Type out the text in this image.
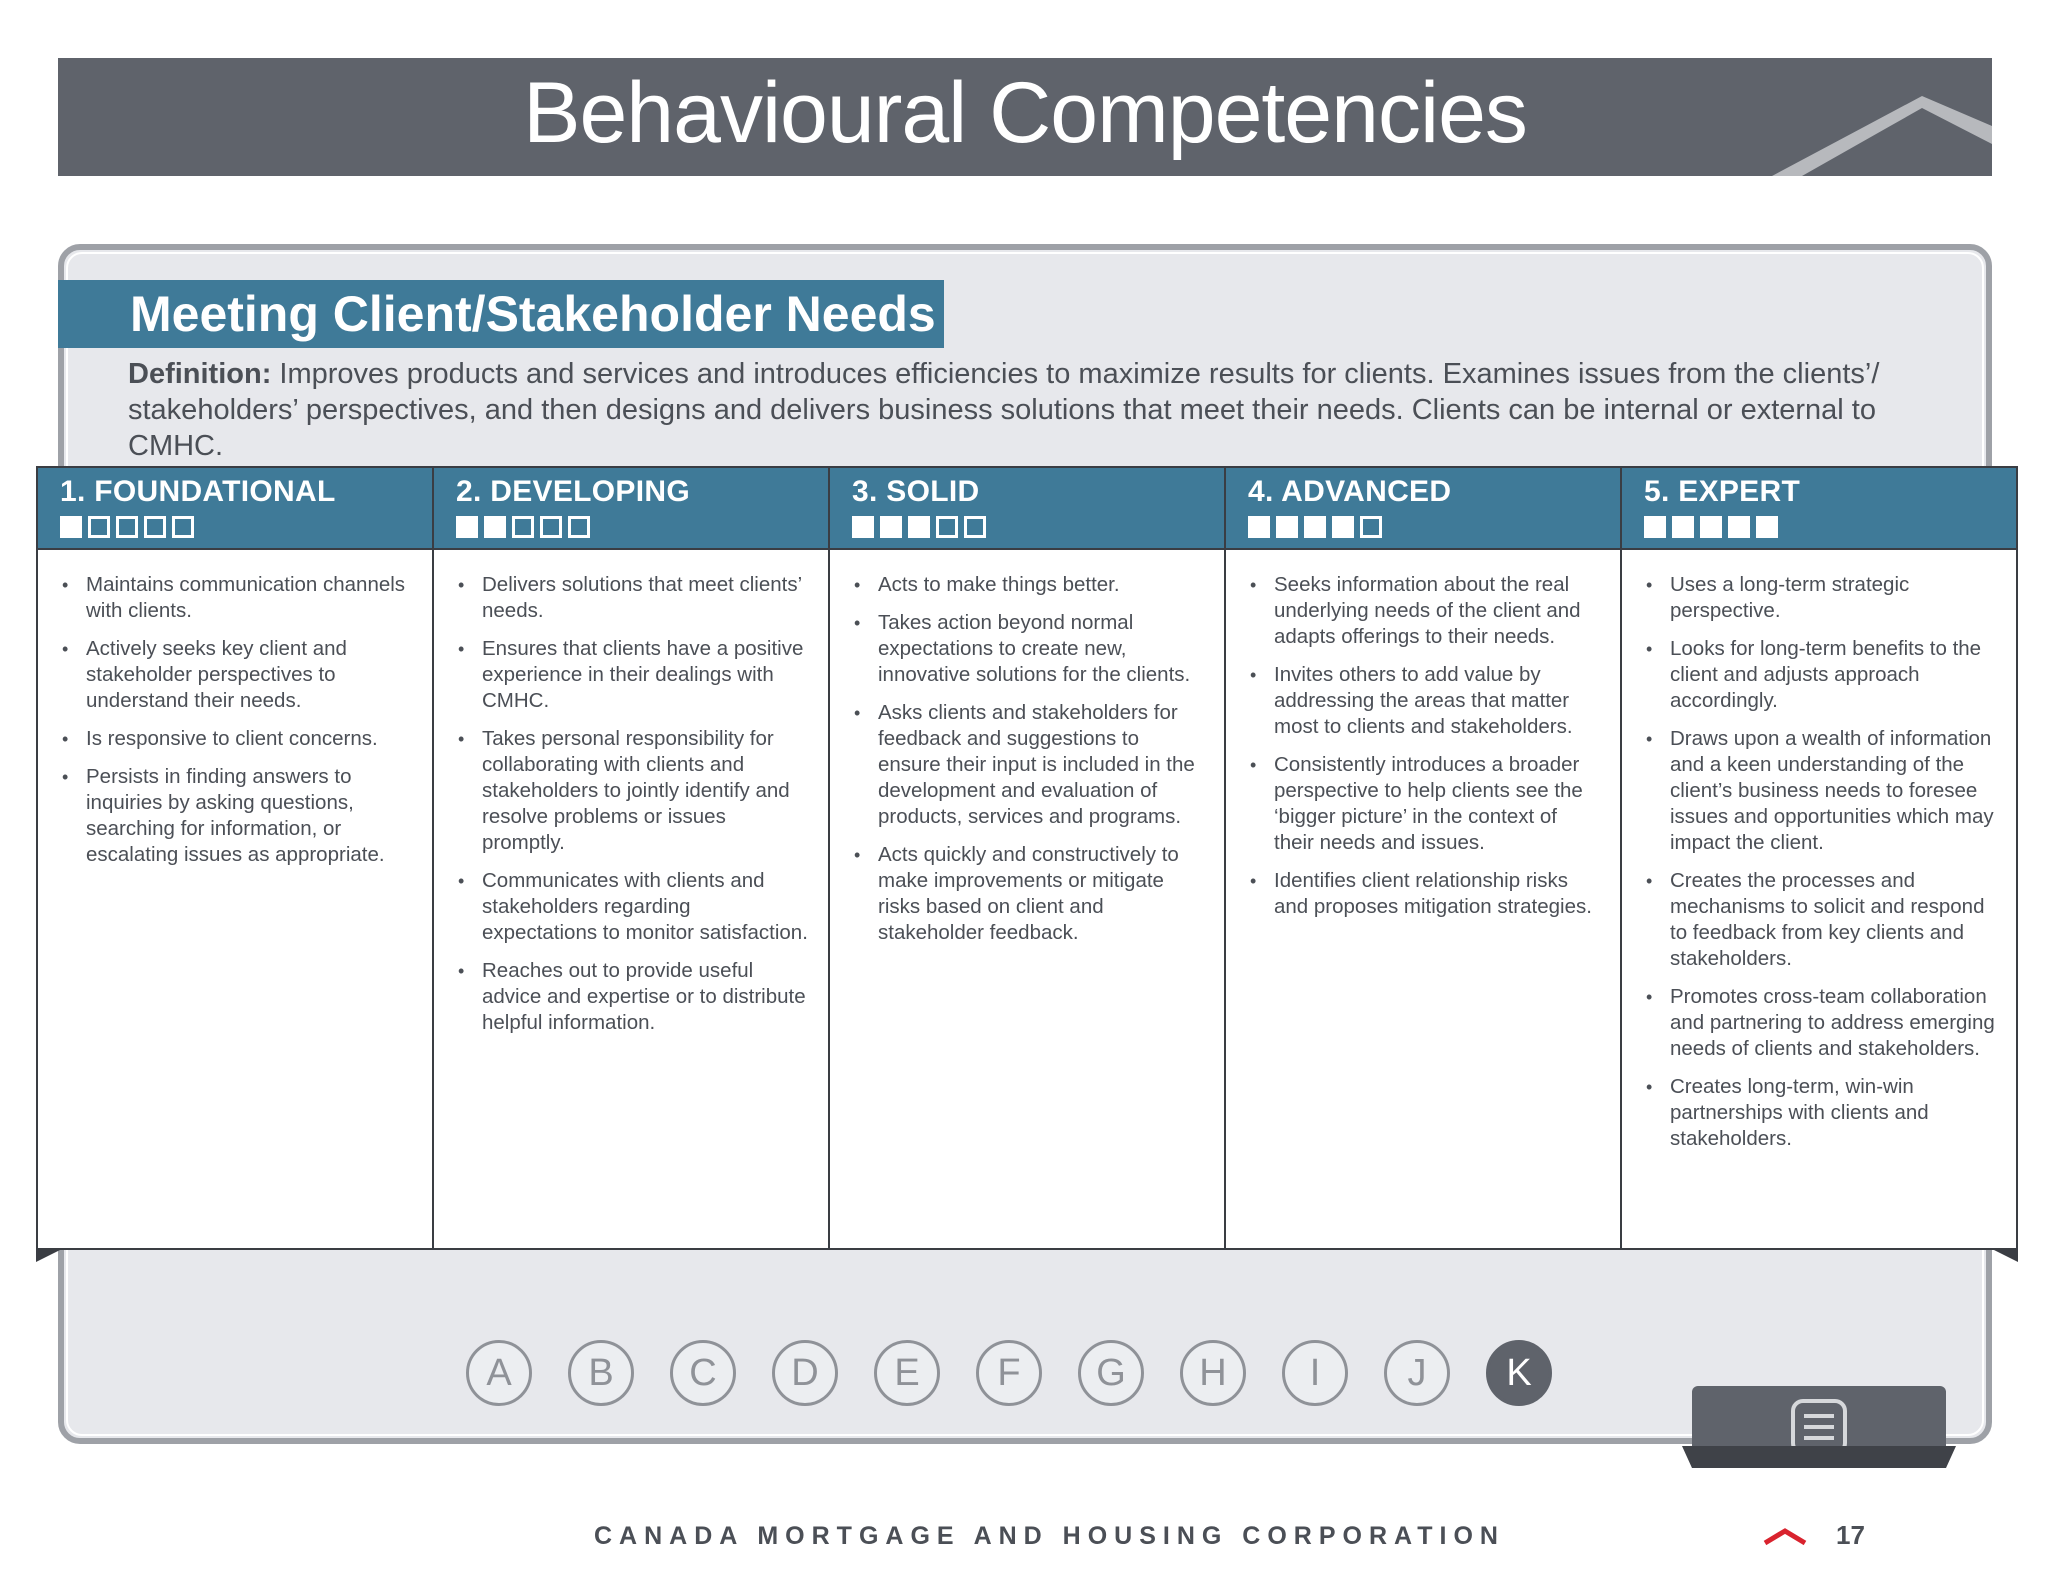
Behavioural Competencies
Meeting Client/Stakeholder Needs
Definition: Improves products and services and introduces efficiencies to maximize results for clients. Examines issues from the clients’/ stakeholders’ perspectives, and then designs and delivers business solutions that meet their needs. Clients can be internal or external to CMHC.
1. FOUNDATIONAL
• Maintains communication channels with clients.
• Actively seeks key client and stakeholder perspectives to understand their needs.
• Is responsive to client concerns.
• Persists in finding answers to inquiries by asking questions, searching for information, or escalating issues as appropriate.
2. DEVELOPING
• Delivers solutions that meet clients’ needs.
• Ensures that clients have a positive experience in their dealings with CMHC.
• Takes personal responsibility for collaborating with clients and stakeholders to jointly identify and resolve problems or issues promptly.
• Communicates with clients and stakeholders regarding expectations to monitor satisfaction.
• Reaches out to provide useful advice and expertise or to distribute helpful information.
3. SOLID
• Acts to make things better.
• Takes action beyond normal expectations to create new, innovative solutions for the clients.
• Asks clients and stakeholders for feedback and suggestions to ensure their input is included in the development and evaluation of products, services and programs.
• Acts quickly and constructively to make improvements or mitigate risks based on client and stakeholder feedback.
4. ADVANCED
• Seeks information about the real underlying needs of the client and adapts offerings to their needs.
• Invites others to add value by addressing the areas that matter most to clients and stakeholders.
• Consistently introduces a broader perspective to help clients see the ‘bigger picture’ in the context of their needs and issues.
• Identifies client relationship risks and proposes mitigation strategies.
5. EXPERT
• Uses a long-term strategic perspective.
• Looks for long-term benefits to the client and adjusts approach accordingly.
• Draws upon a wealth of information and a keen understanding of the client’s business needs to foresee issues and opportunities which may impact the client.
• Creates the processes and mechanisms to solicit and respond to feedback from key clients and stakeholders.
• Promotes cross-team collaboration and partnering to address emerging needs of clients and stakeholders.
• Creates long-term, win-win partnerships with clients and stakeholders.
A	B	C	D	E	F	G	H	I	J	K
CANADA MORTGAGE AND HOUSING CORPORATION	17
